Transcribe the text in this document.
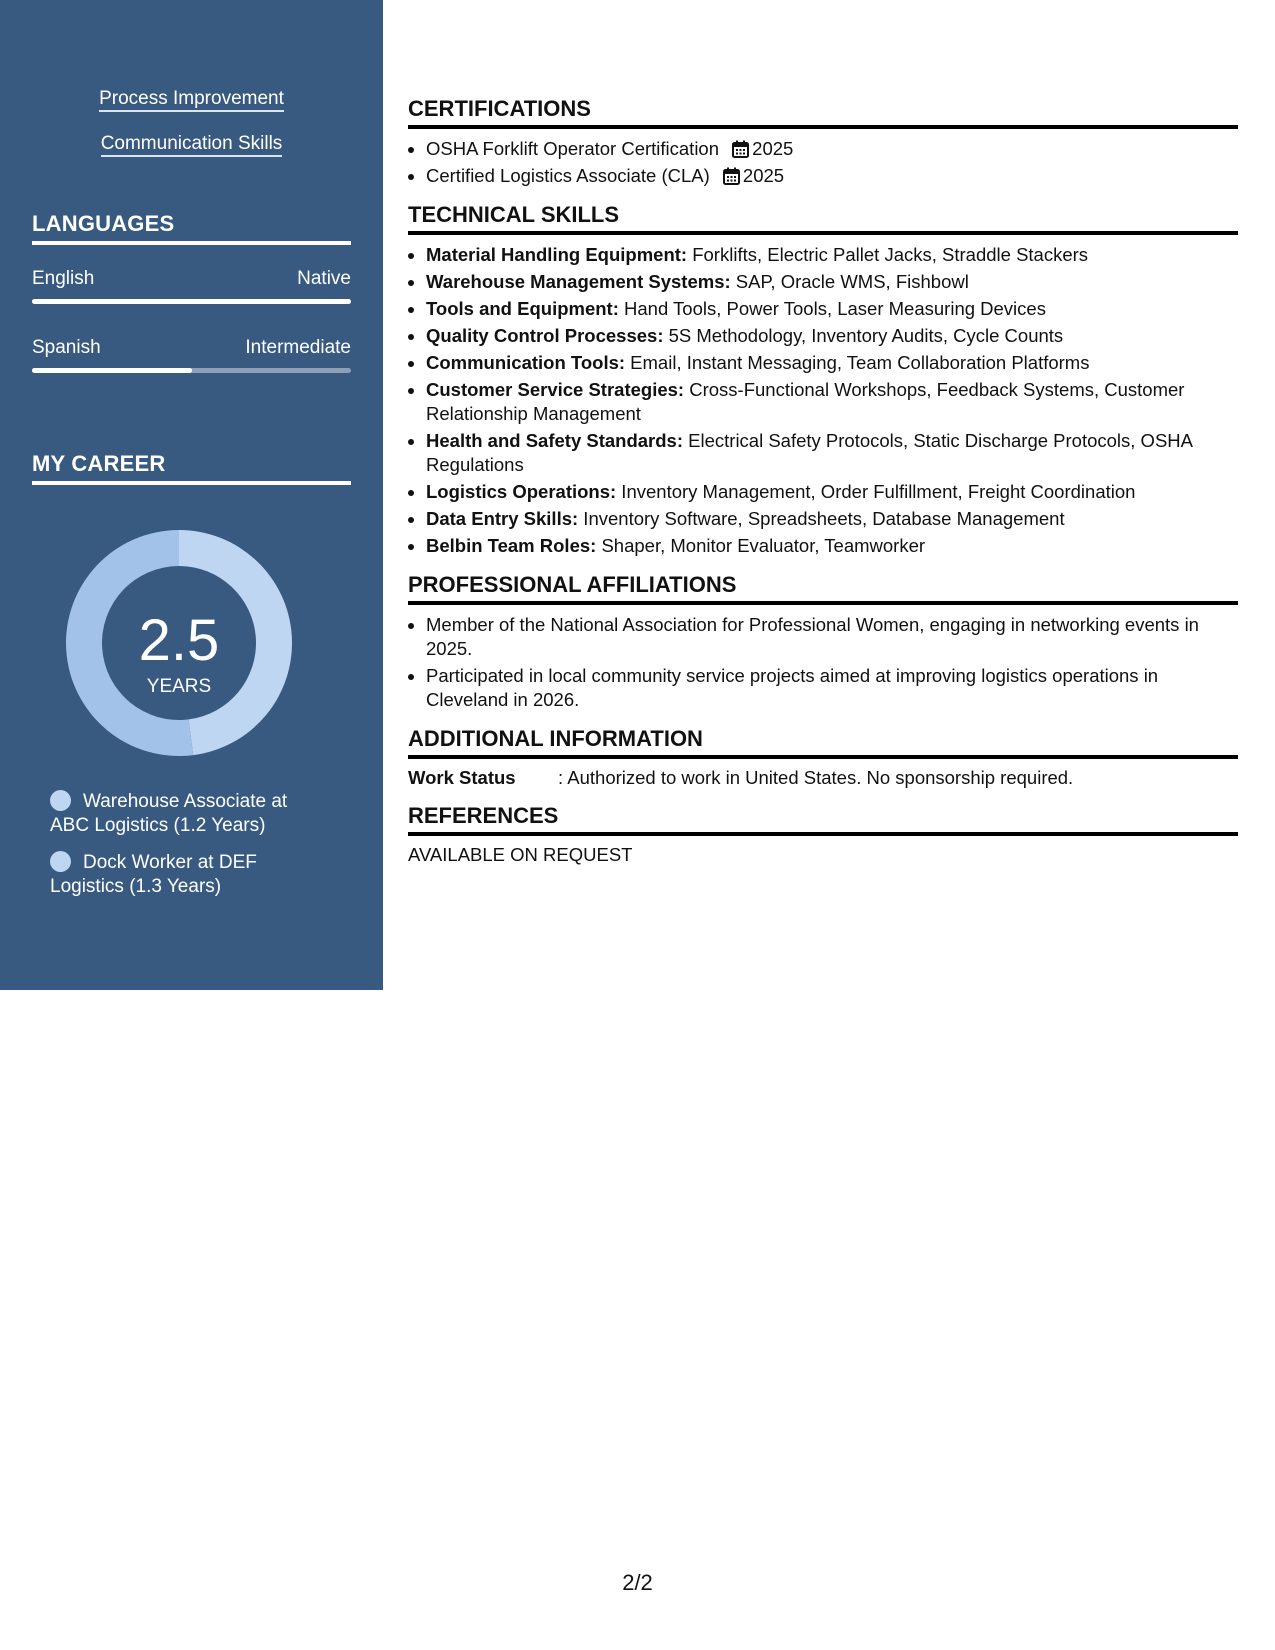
Process Improvement
Communication Skills
LANGUAGES
English	Native
Spanish	Intermediate
MY CAREER
2.5
YEARS
Warehouse Associate at ABC Logistics (1.2 Years)
Dock Worker at DEF Logistics (1.3 Years)
CERTIFICATIONS
• OSHA Forklift Operator Certification 2025
• Certified Logistics Associate (CLA) 2025
TECHNICAL SKILLS
• Material Handling Equipment: Forklifts, Electric Pallet Jacks, Straddle Stackers
• Warehouse Management Systems: SAP, Oracle WMS, Fishbowl
• Tools and Equipment: Hand Tools, Power Tools, Laser Measuring Devices
• Quality Control Processes: 5S Methodology, Inventory Audits, Cycle Counts
• Communication Tools: Email, Instant Messaging, Team Collaboration Platforms
• Customer Service Strategies: Cross-Functional Workshops, Feedback Systems, Customer Relationship Management
• Health and Safety Standards: Electrical Safety Protocols, Static Discharge Protocols, OSHA Regulations
• Logistics Operations: Inventory Management, Order Fulfillment, Freight Coordination
• Data Entry Skills: Inventory Software, Spreadsheets, Database Management
• Belbin Team Roles: Shaper, Monitor Evaluator, Teamworker
PROFESSIONAL AFFILIATIONS
• Member of the National Association for Professional Women, engaging in networking events in 2025.
• Participated in local community service projects aimed at improving logistics operations in Cleveland in 2026.
ADDITIONAL INFORMATION
Work Status	: Authorized to work in United States. No sponsorship required.
REFERENCES
AVAILABLE ON REQUEST
2/2
